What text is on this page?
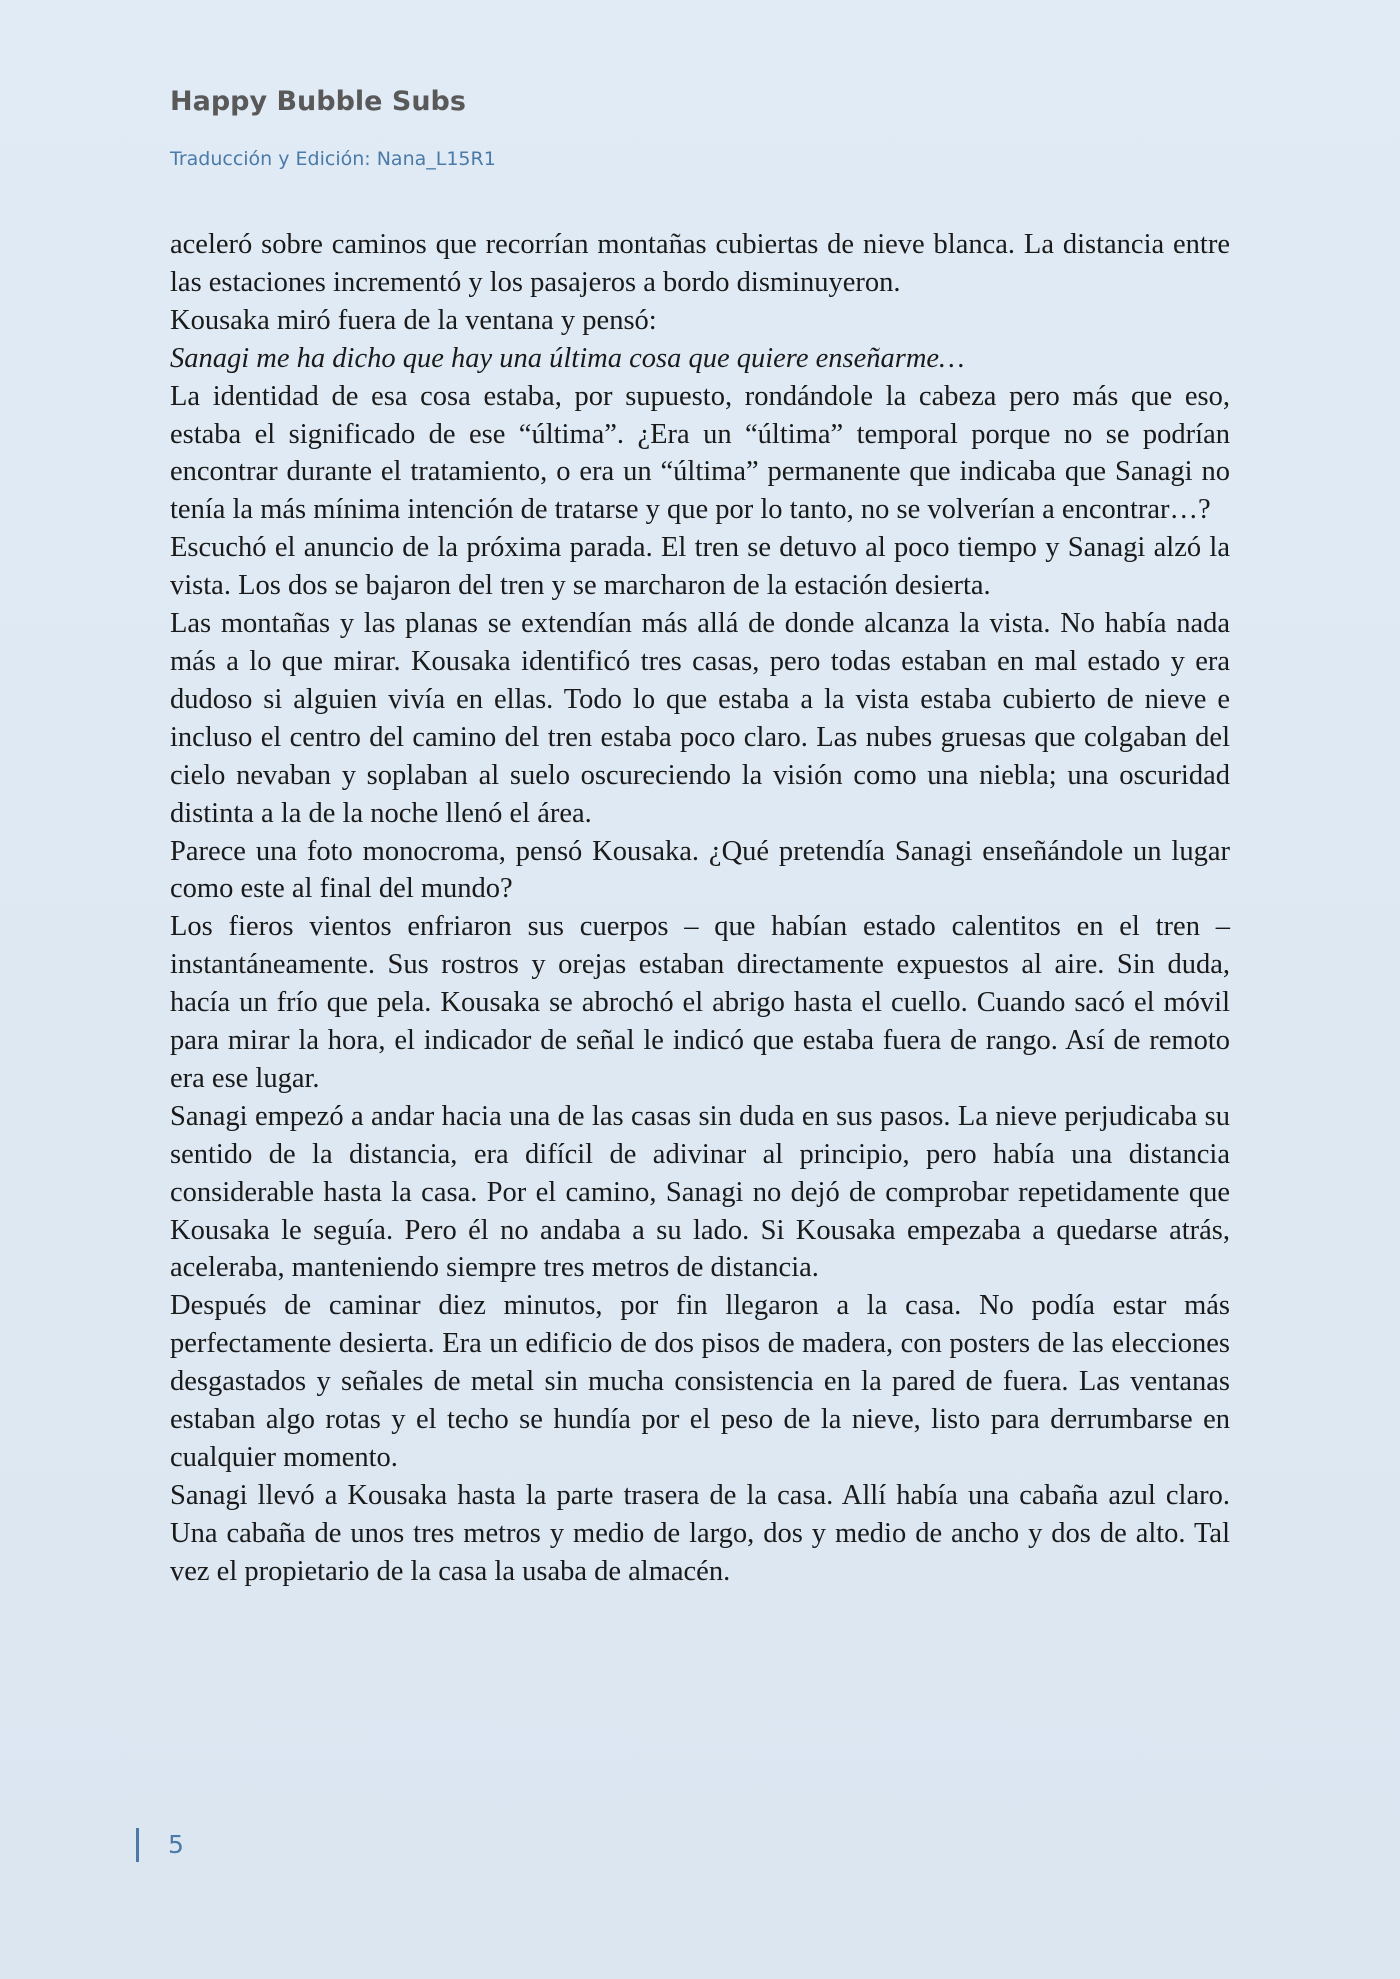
Happy Bubble Subs
Traducción y Edición: Nana_L15R1

aceleró sobre caminos que recorrían montañas cubiertas de nieve blanca. La distancia entre las estaciones incrementó y los pasajeros a bordo disminuyeron.

Kousaka miró fuera de la ventana y pensó:

Sanagi me ha dicho que hay una última cosa que quiere enseñarme…

La identidad de esa cosa estaba, por supuesto, rondándole la cabeza pero más que eso, estaba el significado de ese “última”. ¿Era un “última” temporal porque no se podrían encontrar durante el tratamiento, o era un “última” permanente que indicaba que Sanagi no tenía la más mínima intención de tratarse y que por lo tanto, no se volverían a encontrar…?

Escuchó el anuncio de la próxima parada. El tren se detuvo al poco tiempo y Sanagi alzó la vista. Los dos se bajaron del tren y se marcharon de la estación desierta.

Las montañas y las planas se extendían más allá de donde alcanza la vista. No había nada más a lo que mirar. Kousaka identificó tres casas, pero todas estaban en mal estado y era dudoso si alguien vivía en ellas. Todo lo que estaba a la vista estaba cubierto de nieve e incluso el centro del camino del tren estaba poco claro. Las nubes gruesas que colgaban del cielo nevaban y soplaban al suelo oscureciendo la visión como una niebla; una oscuridad distinta a la de la noche llenó el área.

Parece una foto monocroma, pensó Kousaka. ¿Qué pretendía Sanagi enseñándole un lugar como este al final del mundo?

Los fieros vientos enfriaron sus cuerpos – que habían estado calentitos en el tren – instantáneamente. Sus rostros y orejas estaban directamente expuestos al aire. Sin duda, hacía un frío que pela. Kousaka se abrochó el abrigo hasta el cuello. Cuando sacó el móvil para mirar la hora, el indicador de señal le indicó que estaba fuera de rango. Así de remoto era ese lugar.

Sanagi empezó a andar hacia una de las casas sin duda en sus pasos. La nieve perjudicaba su sentido de la distancia, era difícil de adivinar al principio, pero había una distancia considerable hasta la casa. Por el camino, Sanagi no dejó de comprobar repetidamente que Kousaka le seguía. Pero él no andaba a su lado. Si Kousaka empezaba a quedarse atrás, aceleraba, manteniendo siempre tres metros de distancia.

Después de caminar diez minutos, por fin llegaron a la casa. No podía estar más perfectamente desierta. Era un edificio de dos pisos de madera, con posters de las elecciones desgastados y señales de metal sin mucha consistencia en la pared de fuera. Las ventanas estaban algo rotas y el techo se hundía por el peso de la nieve, listo para derrumbarse en cualquier momento.

Sanagi llevó a Kousaka hasta la parte trasera de la casa. Allí había una cabaña azul claro. Una cabaña de unos tres metros y medio de largo, dos y medio de ancho y dos de alto. Tal vez el propietario de la casa la usaba de almacén.

5
